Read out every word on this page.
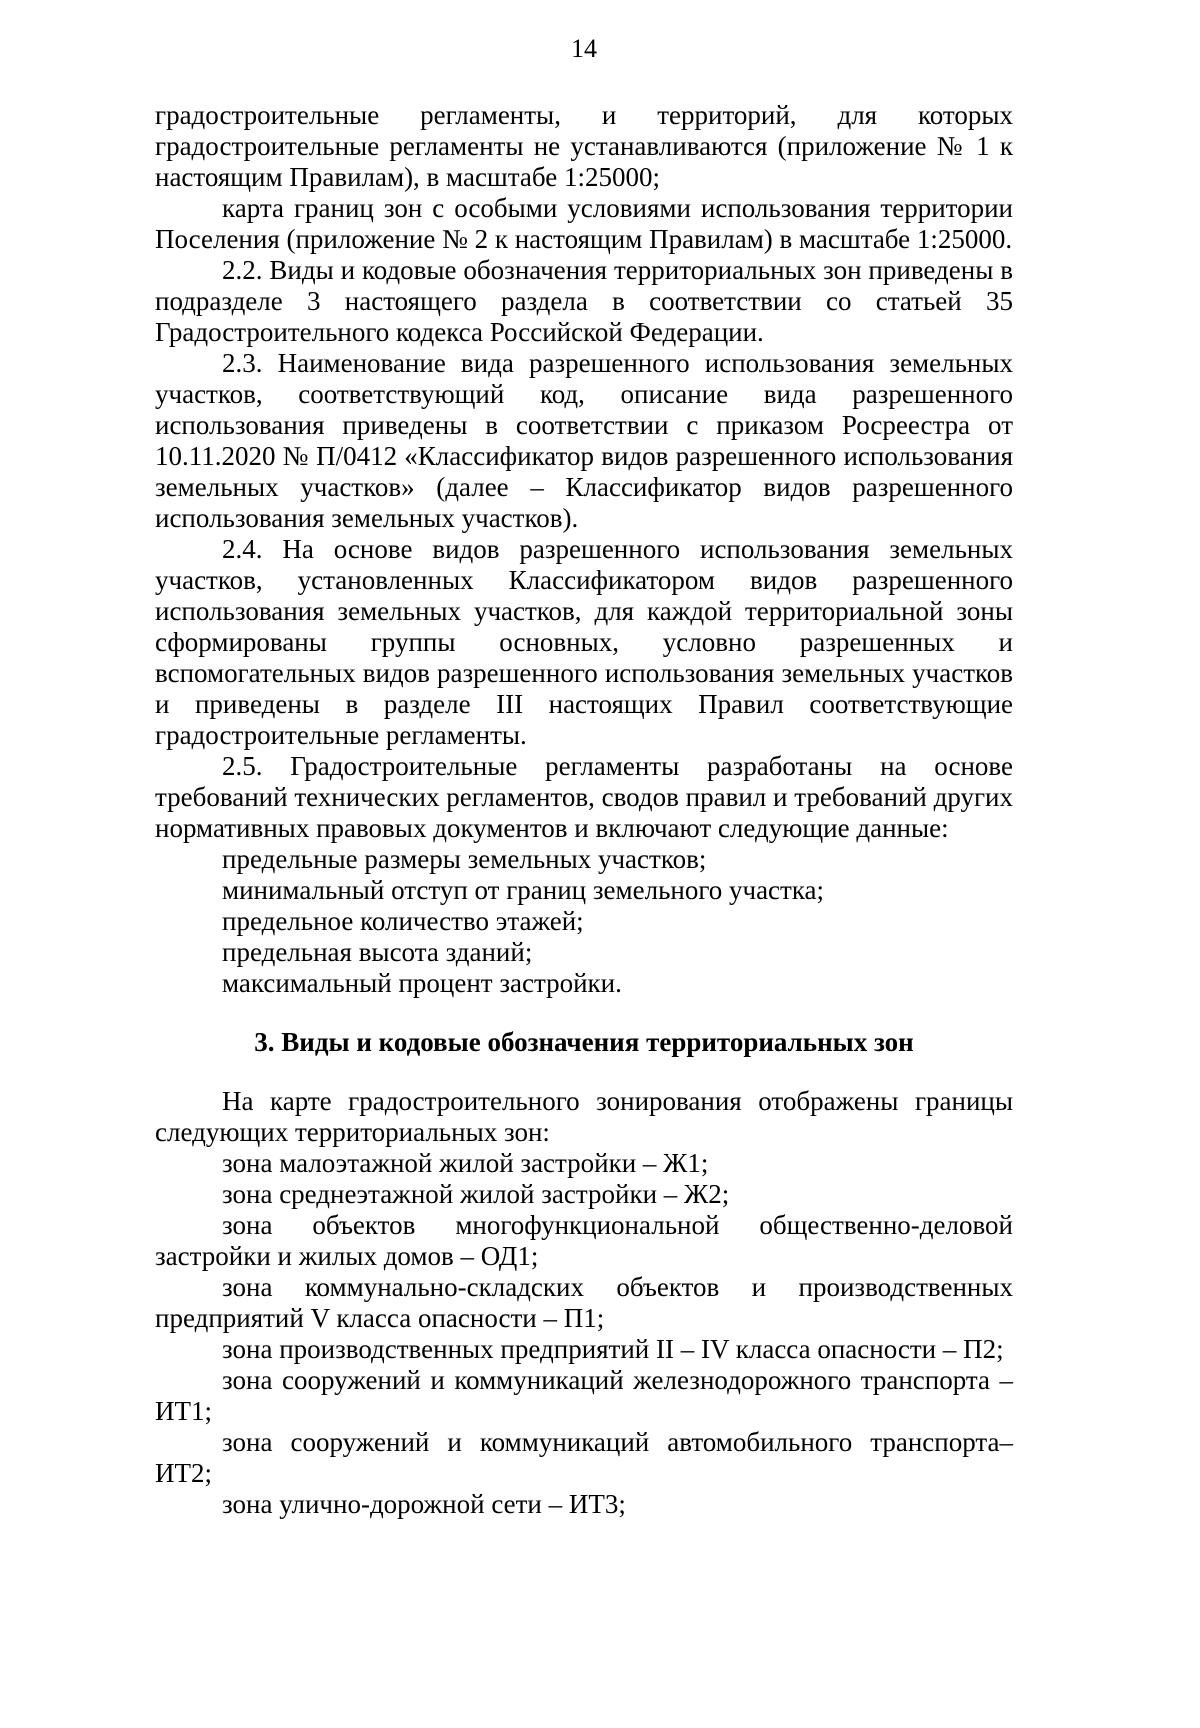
14

градостроительные регламенты, и территорий, для которых градостроительные регламенты не устанавливаются (приложение № 1 к настоящим Правилам), в масштабе 1:25000;

карта границ зон с особыми условиями использования территории Поселения (приложение № 2 к настоящим Правилам) в масштабе 1:25000.

2.2. Виды и кодовые обозначения территориальных зон приведены в подразделе 3 настоящего раздела в соответствии со статьей 35 Градостроительного кодекса Российской Федерации.

2.3. Наименование вида разрешенного использования земельных участков, соответствующий код, описание вида разрешенного использования приведены в соответствии с приказом Росреестра от 10.11.2020 № П/0412 «Классификатор видов разрешенного использования земельных участков» (далее – Классификатор видов разрешенного использования земельных участков).

2.4. На основе видов разрешенного использования земельных участков, установленных Классификатором видов разрешенного использования земельных участков, для каждой территориальной зоны сформированы группы основных, условно разрешенных и вспомогательных видов разрешенного использования земельных участков и приведены в разделе III настоящих Правил соответствующие градостроительные регламенты.

2.5. Градостроительные регламенты разработаны на основе требований технических регламентов, сводов правил и требований других нормативных правовых документов и включают следующие данные:

предельные размеры земельных участков;

минимальный отступ от границ земельного участка;

предельное количество этажей;

предельная высота зданий;

максимальный процент застройки.

3. Виды и кодовые обозначения территориальных зон

На карте градостроительного зонирования отображены границы следующих территориальных зон:

зона малоэтажной жилой застройки – Ж1;

зона среднеэтажной жилой застройки – Ж2;

зона объектов многофункциональной общественно-деловой застройки и жилых домов – ОД1;

зона коммунально-складских объектов и производственных предприятий V класса опасности – П1;

зона производственных предприятий II – IV класса опасности – П2;

зона сооружений и коммуникаций железнодорожного транспорта – ИТ1;

зона сооружений и коммуникаций автомобильного транспорта– ИТ2;

зона улично-дорожной сети – ИТ3;
